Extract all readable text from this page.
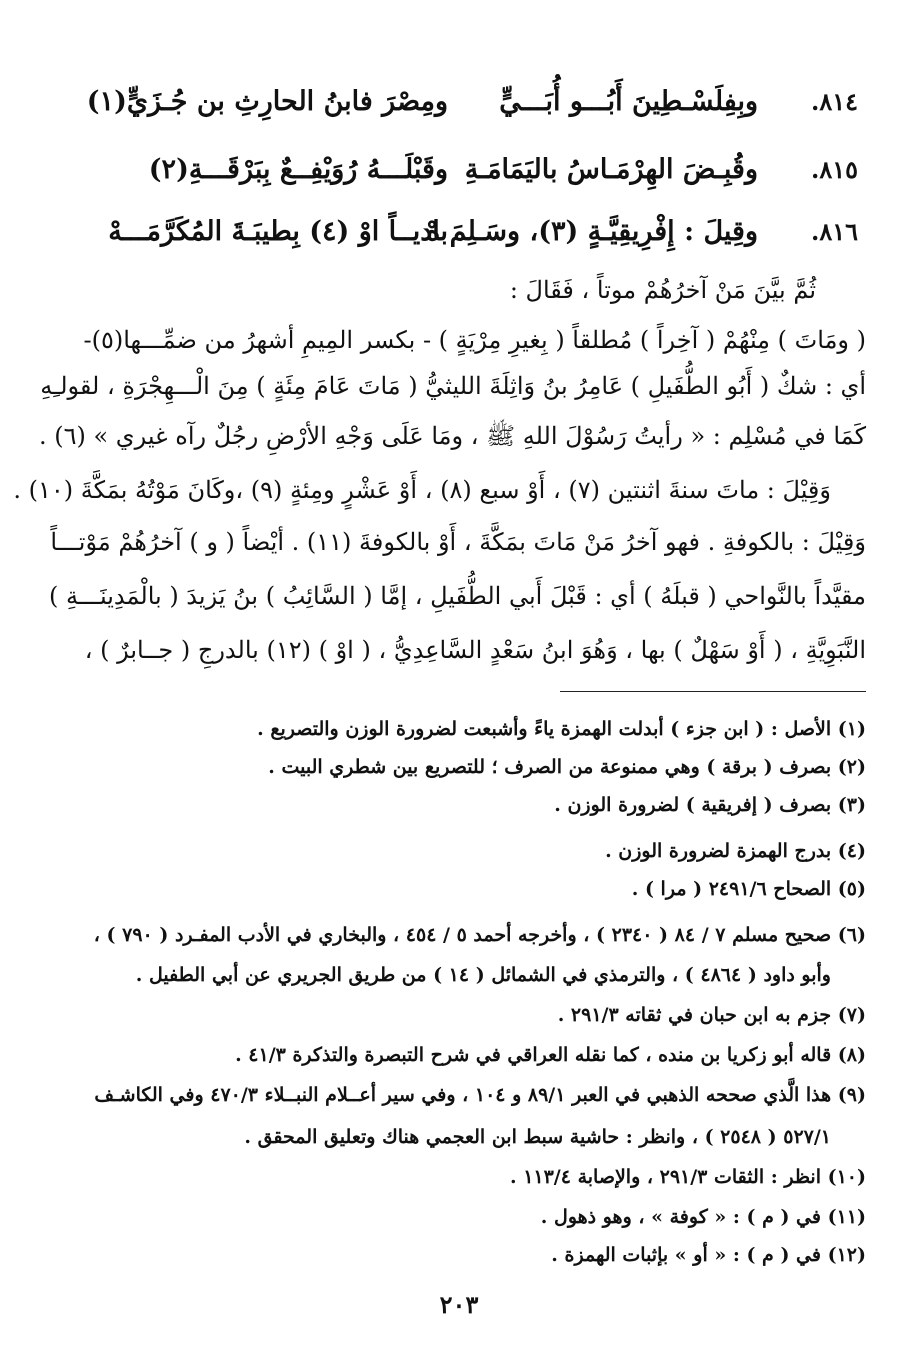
٨١٤.
وبِفِلَسْـطِينَ أَبُـــو أُبَـــيٍّ
ومِصْرَ فابنُ الحارِثِ بن جُـزَيٍّ(١)
٨١٥.
وقُبِـضَ الهِرْمَـاسُ باليَمَامَـةِ
وقَبْلَـــهُ رُوَيْفِــعٌ بِبَرْقَـــةِ(٢)
٨١٦.
وقِيلَ : إِفْرِيقِيَّـةٍ (٣)، وسَـلِمَ هْ
باديــاً اوْ (٤) بِطيبَـةَ المُكَرَّمَـــهْ
ثُمَّ بيَّنَ مَنْ آخرُهُمْ موتاً ، فَقَالَ :
( ومَاتَ ) مِنْهُمْ ( آخِراً ) مُطلقاً ( بِغيرِ مِرْيَةٍ ) - بكسر المِيمِ أشهرُ من ضمِّـــها(٥)-
أي : شكٌ ( أَبُو الطُّفَيلِ ) عَامِرُ بنُ وَاثِلَةَ الليثيُّ ( مَاتَ عَامَ مِئَةٍ ) مِنَ الْـــهِجْرَةِ ، لقولـِهِ
كَمَا في مُسْلِم : « رأيتُ رَسُوْلَ اللهِ ﷺ ، ومَا عَلَى وَجْهِ الأرْضِ رجُلٌ رآه غيري » (٦) .
وَقِيْلَ : ماتَ سنةَ اثنتين (٧) ، أَوْ سبع (٨) ، أَوْ عَشْرٍ ومِئةٍ (٩) ،وكَانَ مَوْتُهُ بمَكَّةَ (١٠) .
وَقِيْلَ : بالكوفةِ . فهو آخرُ مَنْ مَاتَ بمَكَّةَ ، أَوْ بالكوفةَ (١١) . أيْضاً ( و ) آخرُهُمْ مَوْتـــاً
مقيَّداً بالنَّواحي ( قبلَهُ ) أي : قَبْلَ أَبي الطُّفَيلِ ، إمَّا ( السَّائِبُ ) بنُ يَزيدَ ( بالْمَدِينَـــةِ )
النَّبَوِيَّةِ ، ( أَوْ سَهْلٌ ) بها ، وَهُوَ ابنُ سَعْدٍ السَّاعِدِيُّ ، ( اوْ ) (١٢) بالدرجِ ( جــابرٌ ) ،
(١) الأصل : ( ابن جزء ) أبدلت الهمزة ياءً وأشبعت لضرورة الوزن والتصريع .
(٢) بصرف ( برقة ) وهي ممنوعة من الصرف ؛ للتصريع بين شطري البيت .
(٣) بصرف ( إفريقية ) لضرورة الوزن .
(٤) بدرج الهمزة لضرورة الوزن .
(٥) الصحاح ٢٤٩١/٦ ( مرا ) .
(٦) صحيح مسلم ٧ / ٨٤ ( ٢٣٤٠ ) ، وأخرجه أحمد ٥ / ٤٥٤ ، والبخاري في الأدب المفـرد ( ٧٩٠ ) ،
وأبو داود ( ٤٨٦٤ ) ، والترمذي في الشمائل ( ١٤ ) من طريق الجريري عن أبي الطفيل .
(٧) جزم به ابن حبان في ثقاته ٢٩١/٣ .
(٨) قاله أبو زكريا بن منده ، كما نقله العراقي في شرح التبصرة والتذكرة ٤١/٣ .
(٩) هذا الَّذي صححه الذهبي في العبر ٨٩/١ و ١٠٤ ، وفي سير أعــلام النبــلاء ٤٧٠/٣ وفي الكاشـف
٥٢٧/١ ( ٢٥٤٨ ) ، وانظر : حاشية سبط ابن العجمي هناك وتعليق المحقق .
(١٠) انظر : الثقات ٢٩١/٣ ، والإصابة ١١٣/٤ .
(١١) في ( م ) : « كوفة » ، وهو ذهول .
(١٢) في ( م ) : « أو » بإثبات الهمزة .
٢٠٣
